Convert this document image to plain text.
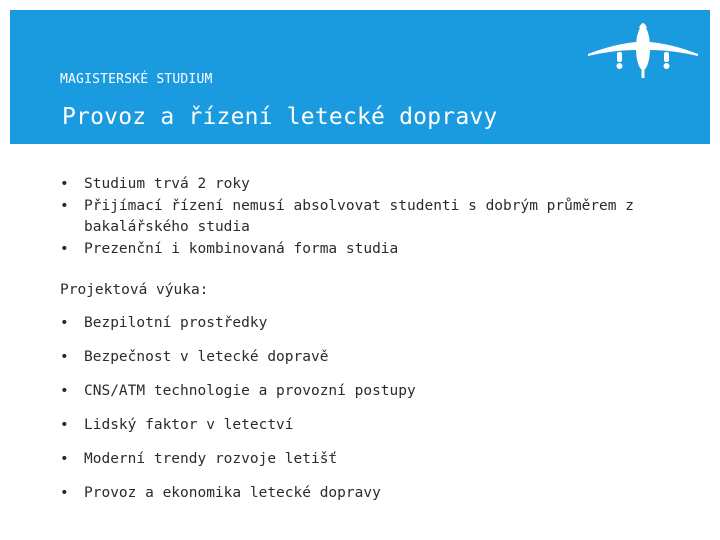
MAGISTERSKÉ STUDIUM
Provoz a řízení letecké dopravy
• Studium trvá 2 roky
• Přijímací řízení nemusí absolvovat studenti s dobrým průměrem z bakalářského studia
• Prezenční i kombinovaná forma studia
Projektová výuka:
• Bezpilotní prostředky
• Bezpečnost v letecké dopravě
• CNS/ATM technologie a provozní postupy
• Lidský faktor v letectví
• Moderní trendy rozvoje letišť
• Provoz a ekonomika letecké dopravy
